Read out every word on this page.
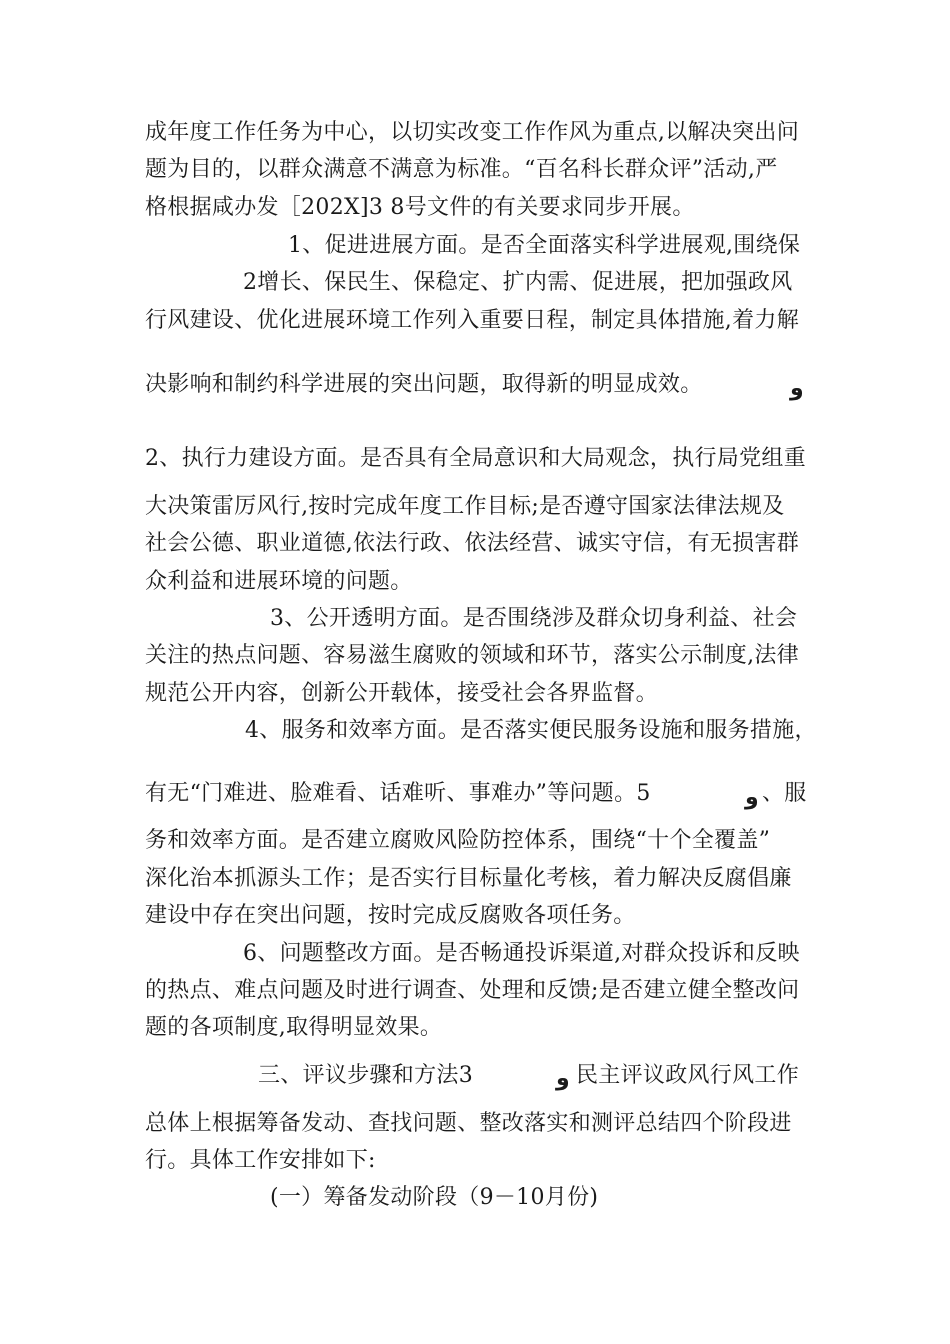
成年度工作任务为中心，以切实改变工作作风为重点,以解决突出问
题为目的，以群众满意不满意为标准。“百名科长群众评”活动,严
格根据咸办发［202X]3 8号文件的有关要求同步开展。
1、促进进展方面。是否全面落实科学进展观,围绕保
2增长、保民生、保稳定、扩内需、促进展，把加强政风
行风建设、优化进展环境工作列入重要日程，制定具体措施,着力解
决影响和制约科学进展的突出问题，取得新的明显成效。	و
2、执行力建设方面。是否具有全局意识和大局观念，执行局党组重
大决策雷厉风行,按时完成年度工作目标;是否遵守国家法律法规及
社会公德、职业道德,依法行政、依法经营、诚实守信，有无损害群
众利益和进展环境的问题。
3、公开透明方面。是否围绕涉及群众切身利益、社会
关注的热点问题、容易滋生腐败的领域和环节，落实公示制度,法律
规范公开内容，创新公开载体，接受社会各界监督。
4、服务和效率方面。是否落实便民服务设施和服务措施，
有无“门难进、脸难看、话难听、事难办”等问题。5	و 、服
务和效率方面。是否建立腐败风险防控体系，围绕“十个全覆盖”
深化治本抓源头工作；是否实行目标量化考核，着力解决反腐倡廉
建设中存在突出问题，按时完成反腐败各项任务。
6、问题整改方面。是否畅通投诉渠道,对群众投诉和反映
的热点、难点问题及时进行调查、处理和反馈;是否建立健全整改问
题的各项制度,取得明显效果。
三、评议步骤和方法3	و 民主评议政风行风工作
总体上根据筹备发动、查找问题、整改落实和测评总结四个阶段进
行。具体工作安排如下:
(一）筹备发动阶段（9－10月份)
